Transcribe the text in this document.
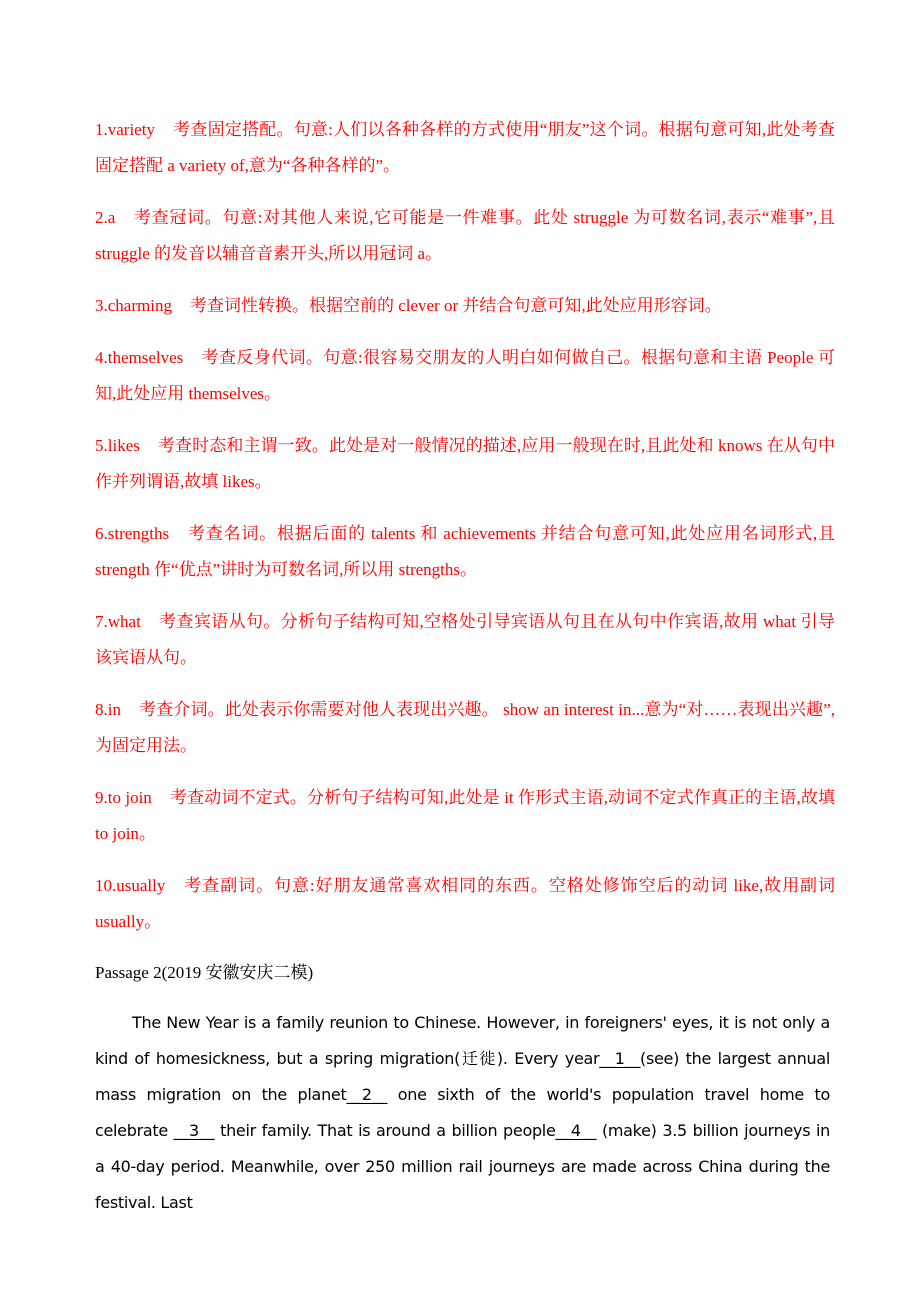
1.variety 考查固定搭配。句意:人们以各种各样的方式使用“朋友”这个词。根据句意可知,此处考查固定搭配 a variety of,意为“各种各样的”。

2.a 考查冠词。句意:对其他人来说,它可能是一件难事。此处 struggle 为可数名词,表示“难事”,且 struggle 的发音以辅音音素开头,所以用冠词 a。

3.charming 考查词性转换。根据空前的 clever or 并结合句意可知,此处应用形容词。

4.themselves 考查反身代词。句意:很容易交朋友的人明白如何做自己。根据句意和主语 People 可知,此处应用 themselves。

5.likes 考查时态和主谓一致。此处是对一般情况的描述,应用一般现在时,且此处和 knows 在从句中作并列谓语,故填 likes。

6.strengths 考查名词。根据后面的 talents 和 achievements 并结合句意可知,此处应用名词形式,且 strength 作“优点”讲时为可数名词,所以用 strengths。

7.what 考查宾语从句。分析句子结构可知,空格处引导宾语从句且在从句中作宾语,故用 what 引导该宾语从句。

8.in 考查介词。此处表示你需要对他人表现出兴趣。 show an interest in...意为“对……表现出兴趣”,为固定用法。

9.to join 考查动词不定式。分析句子结构可知,此处是 it 作形式主语,动词不定式作真正的主语,故填 to join。

10.usually 考查副词。句意:好朋友通常喜欢相同的东西。空格处修饰空后的动词 like,故用副词 usually。

Passage 2(2019 安徽安庆二模)

The New Year is a family reunion to Chinese. However, in foreigners' eyes, it is not only a kind of homesickness, but a spring migration(迁徙). Every year__1__(see) the largest annual mass migration on the planet__2__ one sixth of the world's population travel home to celebrate __3__ their family. That is around a billion people__4__ (make) 3.5 billion journeys in a 40-day period. Meanwhile, over 250 million rail journeys are made across China during the festival. Last
